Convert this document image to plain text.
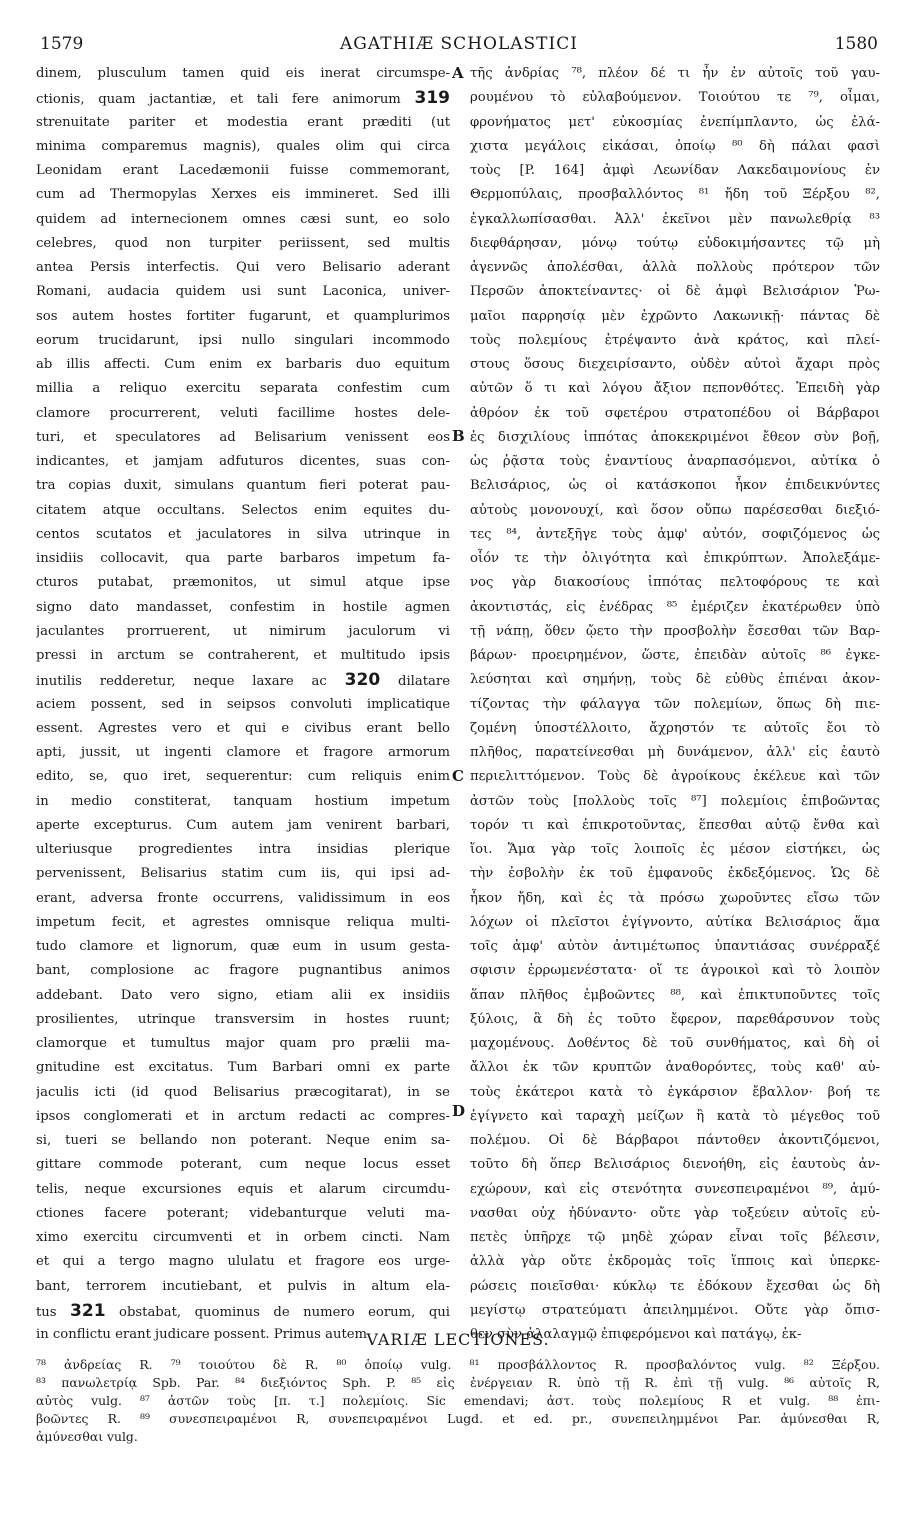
1579	AGATHIÆ SCHOLASTICI	1580
dinem, plusculum tamen quid eis inerat circumspe-
ctionis, quam jactantiæ, et tali fere animorum 319
strenuitate pariter et modestia erant præditi (ut
minima comparemus magnis), quales olim qui circa
Leonidam erant Lacedæmonii fuisse commemorant,
cum ad Thermopylas Xerxes eis immineret. Sed illi
quidem ad internecionem omnes cæsi sunt, eo solo
celebres, quod non turpiter periissent, sed multis
antea Persis interfectis. Qui vero Belisario aderant
Romani, audacia quidem usi sunt Laconica, univer-
sos autem hostes fortiter fugarunt, et quamplurimos
eorum trucidarunt, ipsi nullo singulari incommodo
ab illis affecti. Cum enim ex barbaris duo equitum
millia a reliquo exercitu separata confestim cum
clamore procurrerent, veluti facillime hostes dele-
turi, et speculatores ad Belisarium venissent eos
indicantes, et jamjam adfuturos dicentes, suas con-
tra copias duxit, simulans quantum fieri poterat pau-
citatem atque occultans. Selectos enim equites du-
centos scutatos et jaculatores in silva utrinque in
insidiis collocavit, qua parte barbaros impetum fa-
cturos putabat, præmonitos, ut simul atque ipse
signo dato mandasset, confestim in hostile agmen
jaculantes prorruerent, ut nimirum jaculorum vi
pressi in arctum se contraherent, et multitudo ipsis
inutilis redderetur, neque laxare ac 320 dilatare
aciem possent, sed in seipsos convoluti implicatique
essent. Agrestes vero et qui e civibus erant bello
apti, jussit, ut ingenti clamore et fragore armorum
edito, se, quo iret, sequerentur: cum reliquis enim
in medio constiterat, tanquam hostium impetum
aperte excepturus. Cum autem jam venirent barbari,
ulteriusque progredientes intra insidias plerique
pervenissent, Belisarius statim cum iis, qui ipsi ad-
erant, adversa fronte occurrens, validissimum in eos
impetum fecit, et agrestes omnisque reliqua multi-
tudo clamore et lignorum, quæ eum in usum gesta-
bant, complosione ac fragore pugnantibus animos
addebant. Dato vero signo, etiam alii ex insidiis
prosilientes, utrinque transversim in hostes ruunt;
clamorque et tumultus major quam pro prælii ma-
gnitudine est excitatus. Tum Barbari omni ex parte
jaculis icti (id quod Belisarius præcogitarat), in se
ipsos conglomerati et in arctum redacti ac compres-
si, tueri se bellando non poterant. Neque enim sa-
gittare commode poterant, cum neque locus esset
telis, neque excursiones equis et alarum circumdu-
ctiones facere poterant; videbanturque veluti ma-
ximo exercitu circumventi et in orbem cincti. Nam
et qui a tergo magno ululatu et fragore eos urge-
bant, terrorem incutiebant, et pulvis in altum ela-
tus 321 obstabat, quominus de numero eorum, qui
in conflictu erant judicare possent. Primus autem
τῆς ἀνδρίας ⁷⁸, πλέον δέ τι ἦν ἐν αὐτοῖς τοῦ γαυ-
ρουμένου τὸ εὐλαβούμενον. Τοιούτου τε ⁷⁹, οἶμαι,
φρονήματος μετ' εὐκοσμίας ἐνεπίμπλαντο, ὡς ἐλά-
χιστα μεγάλοις εἰκάσαι, ὁποίῳ ⁸⁰ δὴ πάλαι φασὶ
τοὺς [P. 164] ἀμφὶ Λεωνίδαν Λακεδαιμονίους ἐν
Θερμοπύλαις, προσβαλλόντος ⁸¹ ἤδη τοῦ Ξέρξου ⁸²,
ἐγκαλλωπίσασθαι. Ἀλλ' ἐκεῖνοι μὲν πανωλεθρίᾳ ⁸³
διεφθάρησαν, μόνῳ τούτῳ εὐδοκιμήσαντες τῷ μὴ
ἀγεννῶς ἀπολέσθαι, ἀλλὰ πολλοὺς πρότερον τῶν
Περσῶν ἀποκτείναντες· οἱ δὲ ἀμφὶ Βελισάριον Ῥω-
μαῖοι παρρησίᾳ μὲν ἐχρῶντο Λακωνικῇ· πάντας δὲ
τοὺς πολεμίους ἐτρέψαντο ἀνὰ κράτος, καὶ πλεί-
στους ὅσους διεχειρίσαντο, οὐδὲν αὐτοὶ ἄχαρι πρὸς
αὐτῶν ὅ τι καὶ λόγου ἄξιον πεπονθότες. Ἐπειδὴ γὰρ
ἀθρόον ἐκ τοῦ σφετέρου στρατοπέδου οἱ Βάρβαροι
ἐς δισχιλίους ἱππότας ἀποκεκριμένοι ἔθεον σὺν βοῇ,
ὡς ῥᾷστα τοὺς ἐναντίους ἀναρπασόμενοι, αὐτίκα ὁ
Βελισάριος, ὡς οἱ κατάσκοποι ἧκον ἐπιδεικνύντες
αὐτοὺς μονονουχί, καὶ ὅσον οὔπω παρέσεσθαι διεξιό-
τες ⁸⁴, ἀντεξῆγε τοὺς ἀμφ' αὐτόν, σοφιζόμενος ὡς
οἷόν τε τὴν ὀλιγότητα καὶ ἐπικρύπτων. Ἀπολεξάμε-
νος γὰρ διακοσίους ἱππότας πελτοφόρους τε καὶ
ἀκοντιστάς, εἰς ἐνέδρας ⁸⁵ ἐμέριζεν ἑκατέρωθεν ὑπὸ
τῇ νάπῃ, ὅθεν ᾤετο τὴν προσβολὴν ἔσεσθαι τῶν Βαρ-
βάρων· προειρημένον, ὥστε, ἐπειδὰν αὐτοῖς ⁸⁶ ἐγκε-
λεύσηται καὶ σημήνῃ, τοὺς δὲ εὐθὺς ἐπιέναι ἀκον-
τίζοντας τὴν φάλαγγα τῶν πολεμίων, ὅπως δὴ πιε-
ζομένη ὑποστέλλοιτο, ἄχρηστόν τε αὐτοῖς ἔοι τὸ
πλῆθος, παρατείνεσθαι μὴ δυνάμενον, ἀλλ' εἰς ἑαυτὸ
περιελιττόμενον. Τοὺς δὲ ἀγροίκους ἐκέλευε καὶ τῶν
ἀστῶν τοὺς [πολλοὺς τοῖς ⁸⁷] πολεμίοις ἐπιβοῶντας
τορόν τι καὶ ἐπικροτοῦντας, ἕπεσθαι αὐτῷ ἔνθα καὶ
ἴοι. Ἅμα γὰρ τοῖς λοιποῖς ἐς μέσον εἱστήκει, ὡς
τὴν ἐσβολὴν ἐκ τοῦ ἐμφανοῦς ἐκδεξόμενος. Ὡς δὲ
ἧκον ἤδη, καὶ ἐς τὰ πρόσω χωροῦντες εἴσω τῶν
λόχων οἱ πλεῖστοι ἐγίγνοντο, αὐτίκα Βελισάριος ἅμα
τοῖς ἀμφ' αὐτὸν ἀντιμέτωπος ὑπαντιάσας συνέρραξέ
σφισιν ἐρρωμενέστατα· οἵ τε ἀγροικοὶ καὶ τὸ λοιπὸν
ἅπαν πλῆθος ἐμβοῶντες ⁸⁸, καὶ ἐπικτυποῦντες τοῖς
ξύλοις, ἃ δὴ ἐς τοῦτο ἔφερον, παρεθάρσυνον τοὺς
μαχομένους. Δοθέντος δὲ τοῦ συνθήματος, καὶ δὴ οἱ
ἄλλοι ἐκ τῶν κρυπτῶν ἀναθορόντες, τοὺς καθ' αὑ-
τοὺς ἑκάτεροι κατὰ τὸ ἐγκάρσιον ἔβαλλον· βοή τε
ἐγίγνετο καὶ ταραχὴ μείζων ἢ κατὰ τὸ μέγεθος τοῦ
πολέμου. Οἱ δὲ Βάρβαροι πάντοθεν ἀκοντιζόμενοι,
τοῦτο δὴ ὅπερ Βελισάριος διενοήθη, εἰς ἑαυτοὺς ἀν-
εχώρουν, καὶ εἰς στενότητα συνεσπειραμένοι ⁸⁹, ἀμύ-
νασθαι οὐχ ἠδύναντο· οὔτε γὰρ τοξεύειν αὐτοῖς εὐ-
πετὲς ὑπῆρχε τῷ μηδὲ χώραν εἶναι τοῖς βέλεσιν,
ἀλλὰ γὰρ οὔτε ἐκδρομὰς τοῖς ἵπποις καὶ ὑπερκε-
ρώσεις ποιεῖσθαι· κύκλῳ τε ἐδόκουν ἔχεσθαι ὡς δὴ
μεγίστῳ στρατεύματι ἀπειλημμένοι. Οὔτε γὰρ ὄπισ-
θεν σὺν ἀλαλαγμῷ ἐπιφερόμενοι καὶ πατάγῳ, ἐκ-
A
B
C
D
VARIÆ LECTIONES.
⁷⁸ ἀνδρείας R. ⁷⁹ τοιούτου δὲ R. ⁸⁰ ὁποίῳ vulg. ⁸¹ προσβάλλοντος R. προσβαλόντος vulg. ⁸² Ξέρξου.
⁸³ πανωλετρίᾳ Spb. Par. ⁸⁴ διεξιόντος Sph. P. ⁸⁵ εἰς ἐνέργειαν R. ὑπὸ τῇ R. ἐπὶ τῇ vulg. ⁸⁶ αὐτοῖς R,
αὐτὸς vulg. ⁸⁷ ἀστῶν τοὺς [π. τ.] πολεμίοις. Sic emendavi; ἀστ. τοὺς πολεμίους R et vulg. ⁸⁸ ἐπι-
βοῶντες R. ⁸⁹ συνεσπειραμένοι R, συνεπειραμένοι Lugd. et ed. pr., συνεπειλημμένοι Par. ἀμύνεσθαι R,
ἀμύνεσθαι vulg.
